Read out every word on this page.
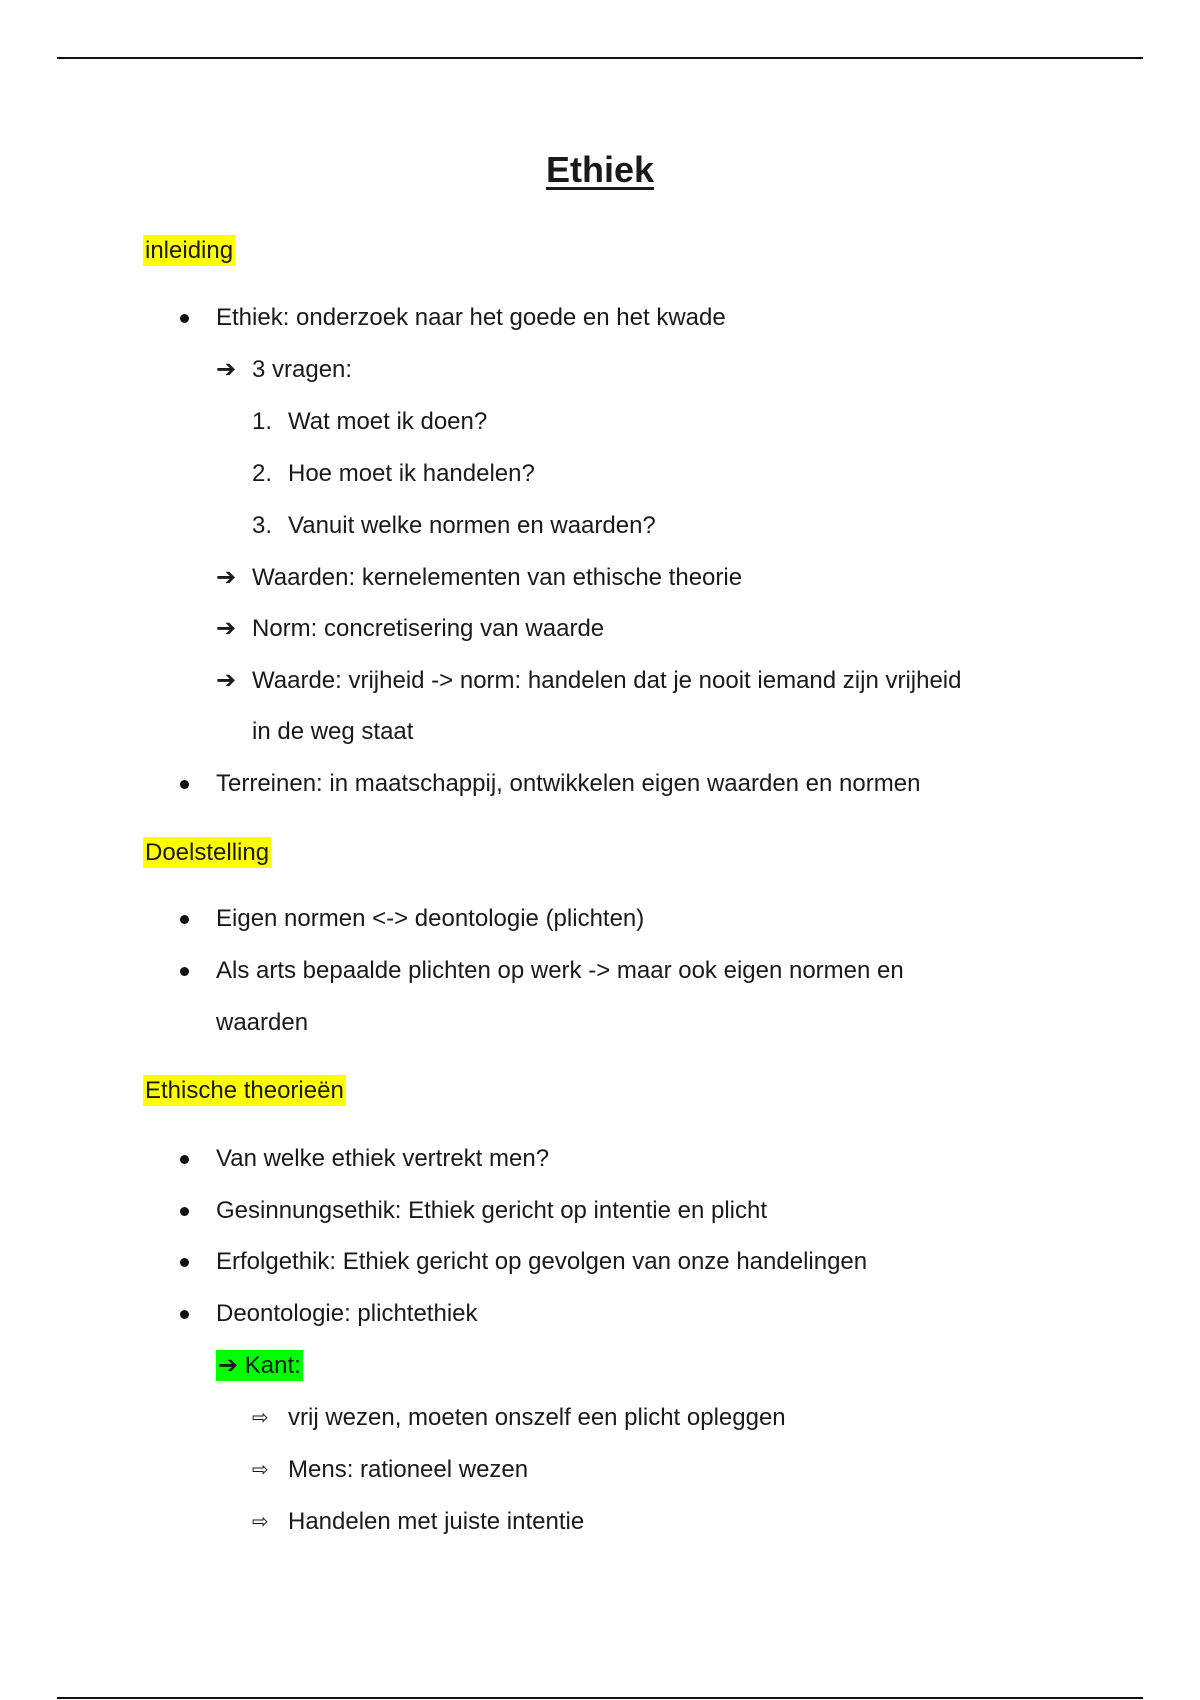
Ethiek
inleiding
Ethiek: onderzoek naar het goede en het kwade
➔ 3 vragen:
1. Wat moet ik doen?
2. Hoe moet ik handelen?
3. Vanuit welke normen en waarden?
➔ Waarden: kernelementen van ethische theorie
➔ Norm: concretisering van waarde
➔ Waarde: vrijheid -> norm: handelen dat je nooit iemand zijn vrijheid
in de weg staat
Terreinen: in maatschappij, ontwikkelen eigen waarden en normen
Doelstelling
Eigen normen <-> deontologie (plichten)
Als arts bepaalde plichten op werk -> maar ook eigen normen en
waarden
Ethische theorieën
Van welke ethiek vertrekt men?
Gesinnungsethik: Ethiek gericht op intentie en plicht
Erfolgethik: Ethiek gericht op gevolgen van onze handelingen
Deontologie: plichtethiek
➔ Kant:
⇨ vrij wezen, moeten onszelf een plicht opleggen
⇨ Mens: rationeel wezen
⇨ Handelen met juiste intentie
